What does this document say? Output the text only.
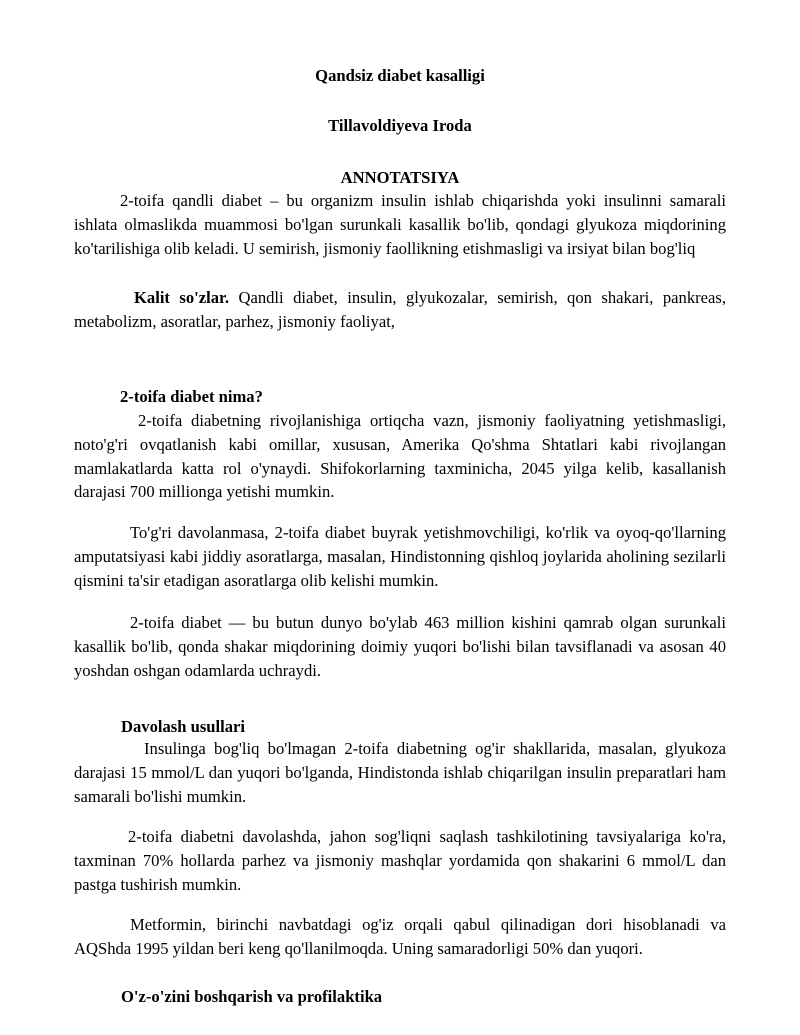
Qandsiz diabet kasalligi

Tillavoldiyeva Iroda

ANNOTATSIYA

2-toifa qandli diabet – bu organizm insulin ishlab chiqarishda yoki insulinni samarali ishlata olmaslikda muammosi bo'lgan surunkali kasallik bo'lib, qondagi glyukoza miqdorining ko'tarilishiga olib keladi. U semirish, jismoniy faollikning etishmasligi va irsiyat bilan bog'liq

Kalit so'zlar. Qandli diabet, insulin, glyukozalar, semirish, qon shakari, pankreas, metabolizm, asoratlar, parhez, jismoniy faoliyat,

2-toifa diabet nima?

2-toifa diabetning rivojlanishiga ortiqcha vazn, jismoniy faoliyatning yetishmasligi, noto'g'ri ovqatlanish kabi omillar, xususan, Amerika Qo'shma Shtatlari kabi rivojlangan mamlakatlarda katta rol o'ynaydi. Shifokorlarning taxminicha, 2045 yilga kelib, kasallanish darajasi 700 millionga yetishi mumkin.

To'g'ri davolanmasa, 2-toifa diabet buyrak yetishmovchiligi, ko'rlik va oyoq-qo'llarning amputatsiyasi kabi jiddiy asoratlarga, masalan, Hindistonning qishloq joylarida aholining sezilarli qismini ta'sir etadigan asoratlarga olib kelishi mumkin.

2-toifa diabet — bu butun dunyo bo'ylab 463 million kishini qamrab olgan surunkali kasallik bo'lib, qonda shakar miqdorining doimiy yuqori bo'lishi bilan tavsiflanadi va asosan 40 yoshdan oshgan odamlarda uchraydi.

Davolash usullari

Insulinga bog'liq bo'lmagan 2-toifa diabetning og'ir shakllarida, masalan, glyukoza darajasi 15 mmol/L dan yuqori bo'lganda, Hindistonda ishlab chiqarilgan insulin preparatlari ham samarali bo'lishi mumkin.

2-toifa diabetni davolashda, jahon sog'liqni saqlash tashkilotining tavsiyalariga ko'ra, taxminan 70% hollarda parhez va jismoniy mashqlar yordamida qon shakarini 6 mmol/L dan pastga tushirish mumkin.

Metformin, birinchi navbatdagi og'iz orqali qabul qilinadigan dori hisoblanadi va AQShda 1995 yildan beri keng qo'llanilmoqda. Uning samaradorligi 50% dan yuqori.

O'z-o'zini boshqarish va profilaktika
